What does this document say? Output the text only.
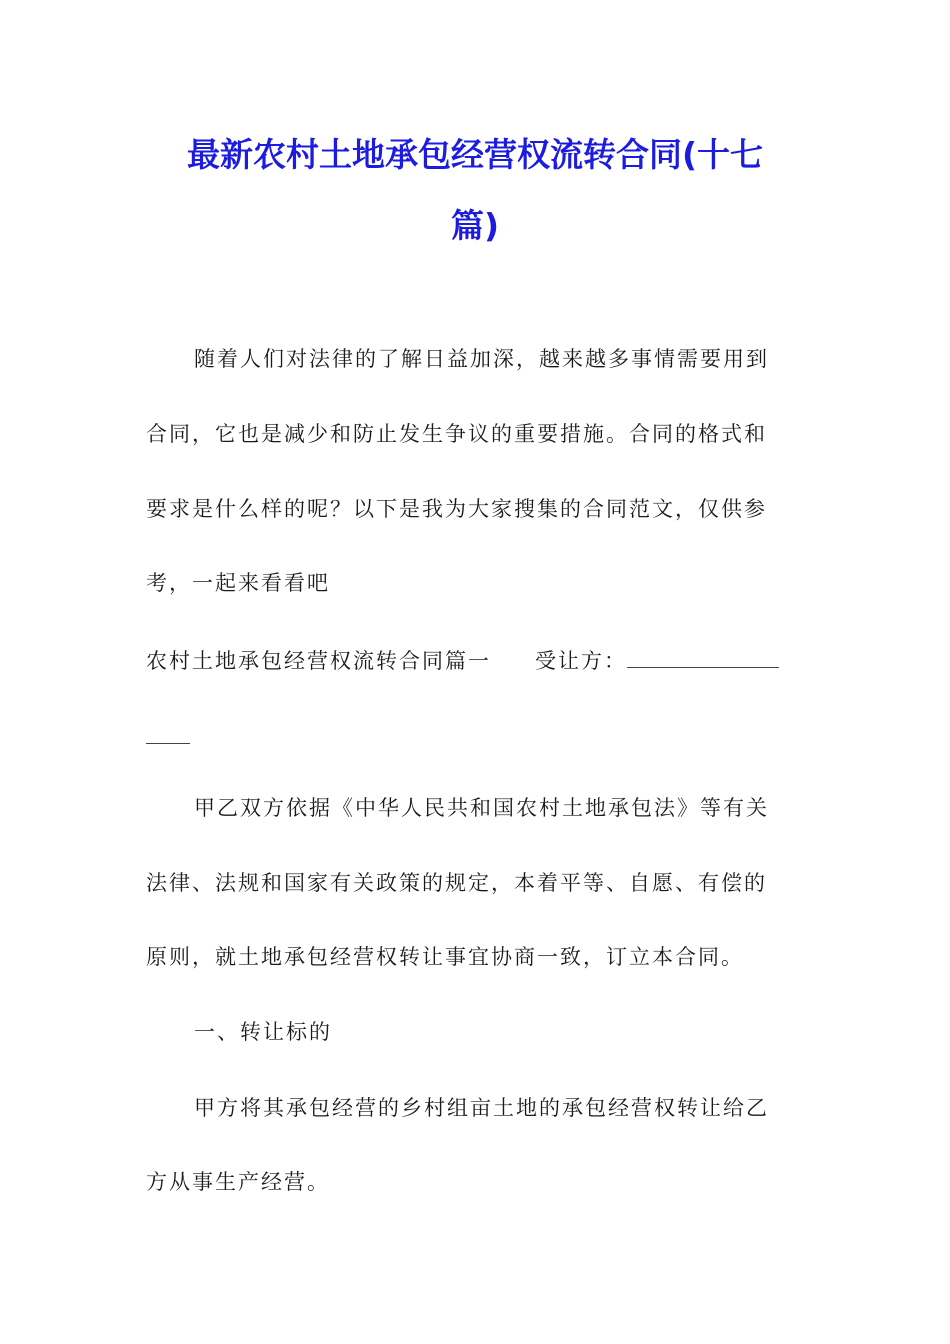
最新农村土地承包经营权流转合同(十七
篇)

随着人们对法律的了解日益加深，越来越多事情需要用到

合同，它也是减少和防止发生争议的重要措施。合同的格式和

要求是什么样的呢？以下是我为大家搜集的合同范文，仅供参

考，一起来看看吧

农村土地承包经营权流转合同篇一 受让方：

甲乙双方依据《中华人民共和国农村土地承包法》等有关

法律、法规和国家有关政策的规定，本着平等、自愿、有偿的

原则，就土地承包经营权转让事宜协商一致，订立本合同。

一、转让标的

甲方将其承包经营的乡村组亩土地的承包经营权转让给乙

方从事生产经营。
